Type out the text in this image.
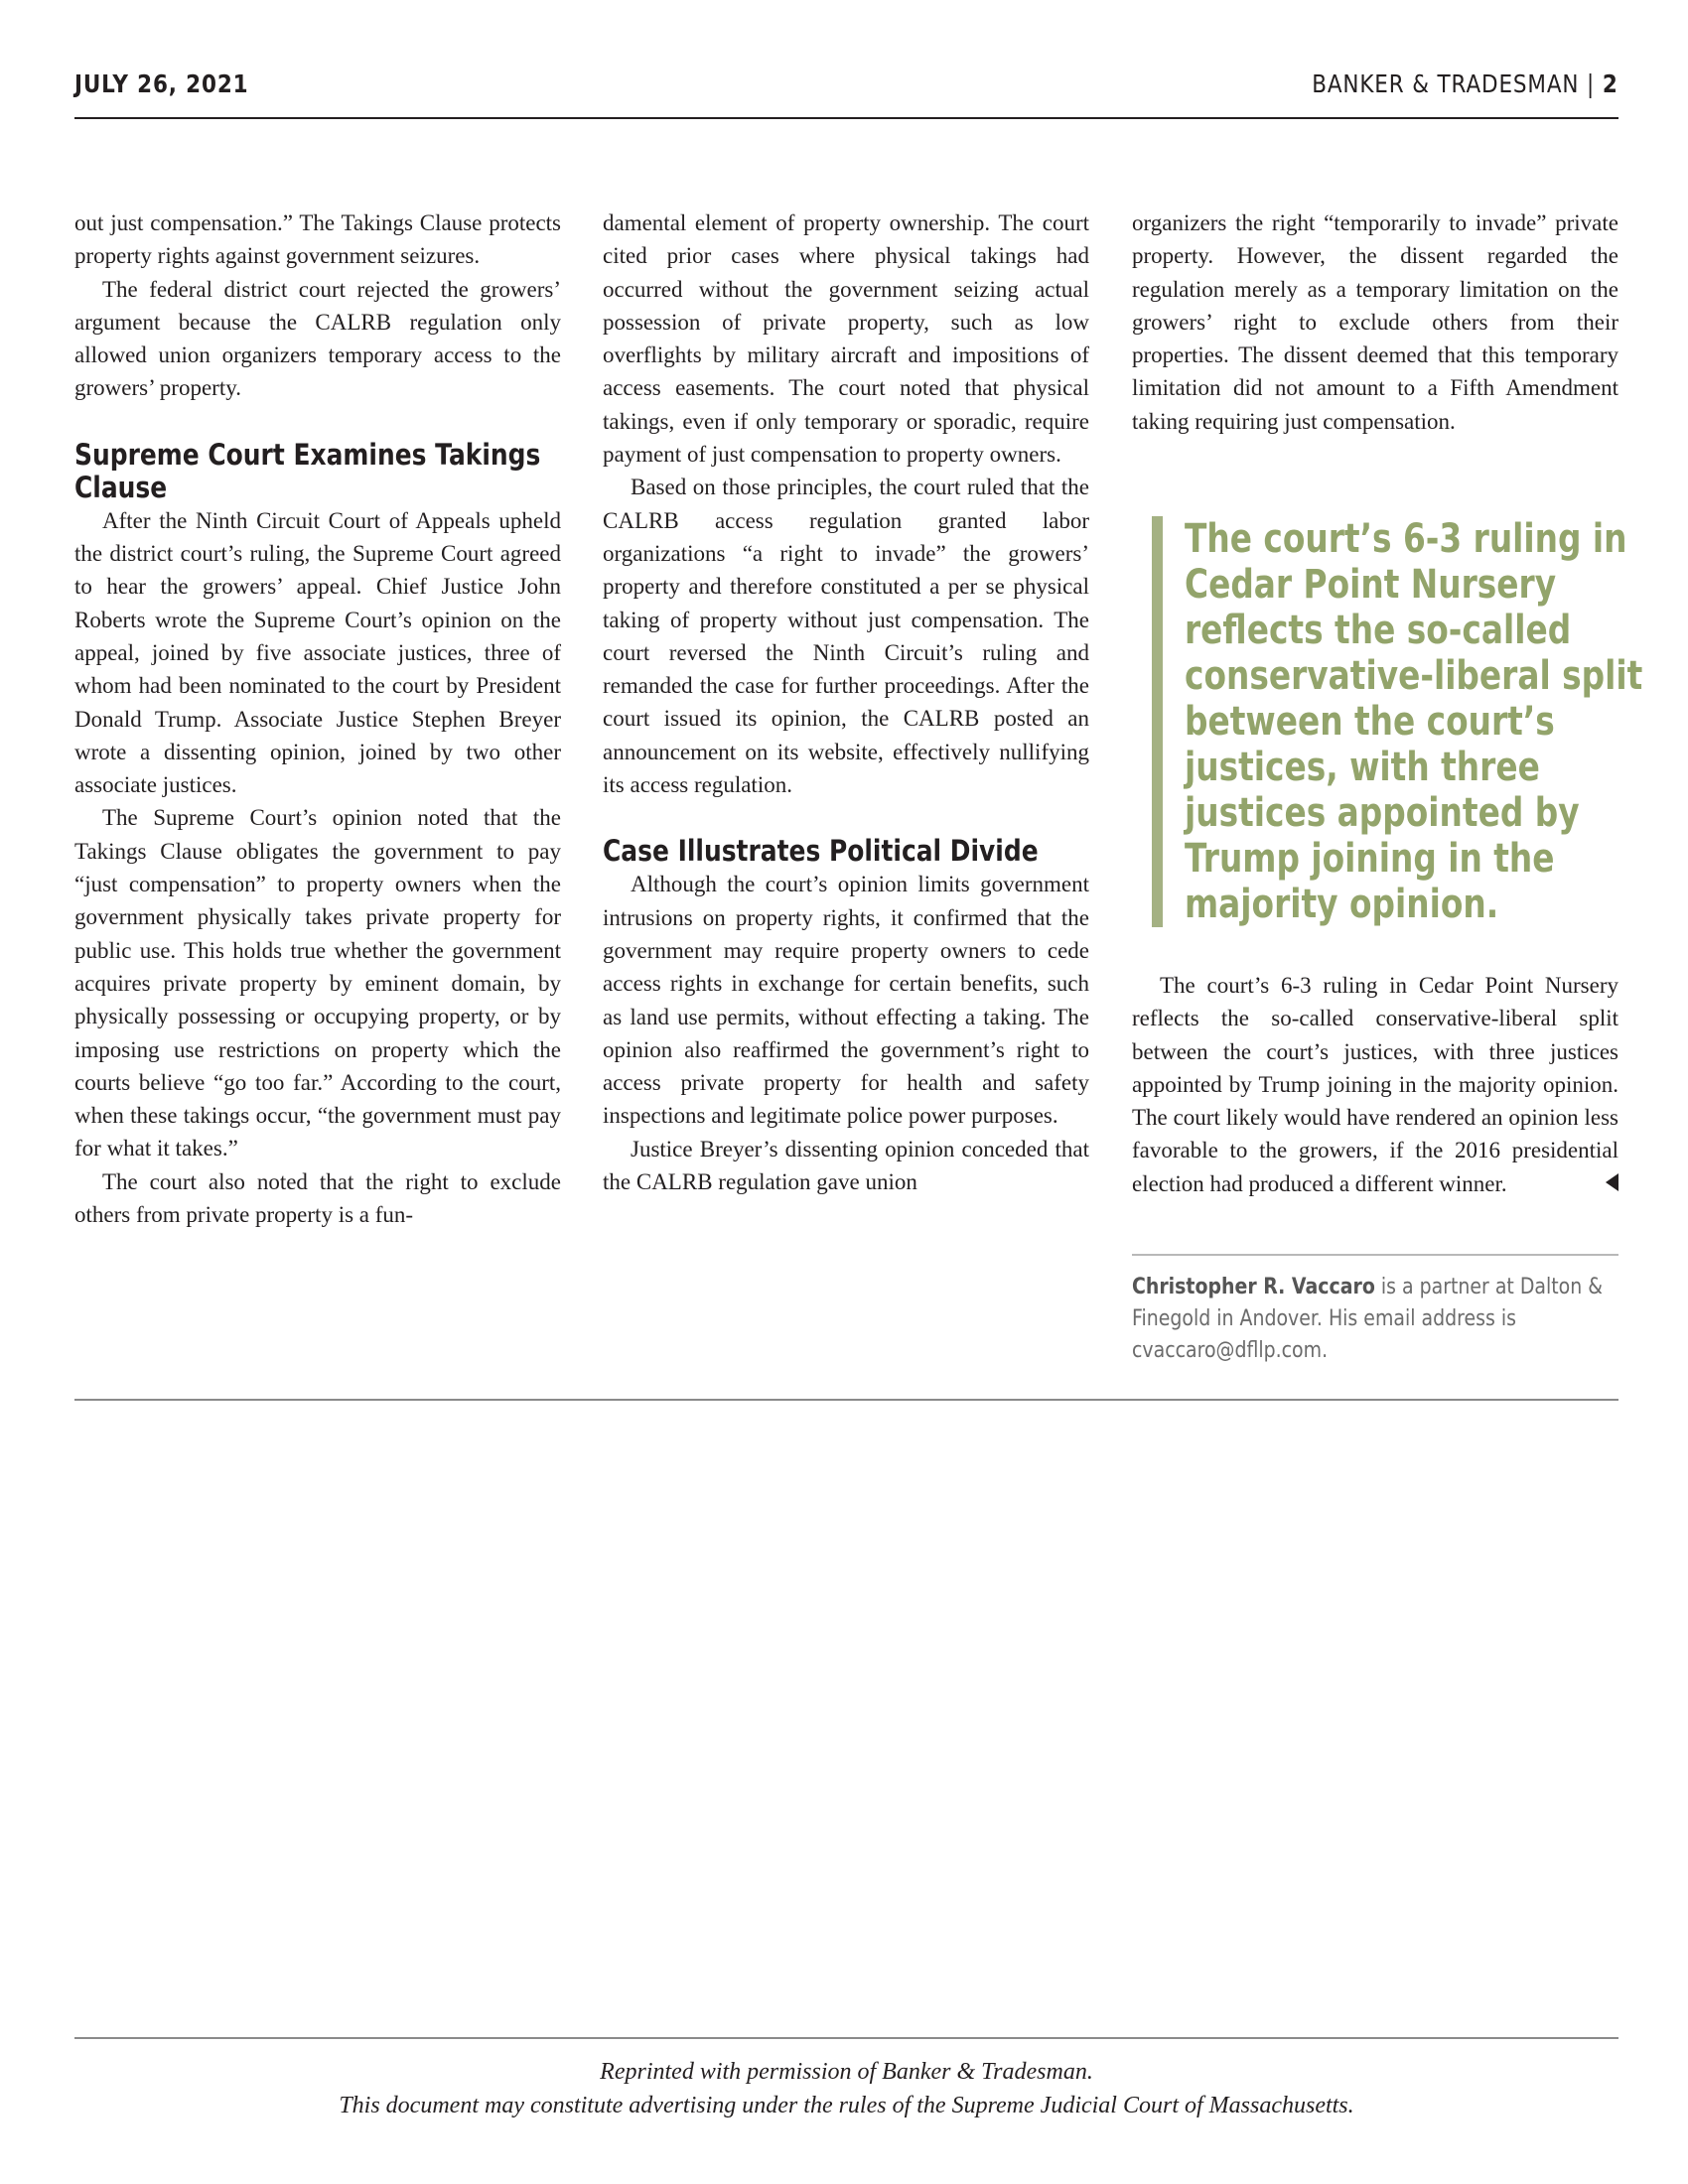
JULY 26, 2021	BANKER & TRADESMAN | 2

out just compensation.” The Takings Clause protects property rights against government seizures.

The federal district court rejected the growers’ argument because the CALRB regulation only allowed union organizers temporary access to the growers’ property.

Supreme Court Examines Takings Clause

After the Ninth Circuit Court of Appeals upheld the district court’s ruling, the Supreme Court agreed to hear the growers’ appeal. Chief Justice John Roberts wrote the Supreme Court’s opinion on the appeal, joined by five associate justices, three of whom had been nominated to the court by President Donald Trump. Associate Justice Stephen Breyer wrote a dissenting opinion, joined by two other associate justices.

The Supreme Court’s opinion noted that the Takings Clause obligates the government to pay “just compensation” to property owners when the government physically takes private property for public use. This holds true whether the government acquires private property by eminent domain, by physically possessing or occupying property, or by imposing use restrictions on property which the courts believe “go too far.” According to the court, when these takings occur, “the government must pay for what it takes.”

The court also noted that the right to exclude others from private property is a fun-

damental element of property ownership. The court cited prior cases where physical takings had occurred without the government seizing actual possession of private property, such as low overflights by military aircraft and impositions of access easements. The court noted that physical takings, even if only temporary or sporadic, require payment of just compensation to property owners.

Based on those principles, the court ruled that the CALRB access regulation granted labor organizations “a right to invade” the growers’ property and therefore constituted a per se physical taking of property without just compensation. The court reversed the Ninth Circuit’s ruling and remanded the case for further proceedings. After the court issued its opinion, the CALRB posted an announcement on its website, effectively nullifying its access regulation.

Case Illustrates Political Divide

Although the court’s opinion limits government intrusions on property rights, it confirmed that the government may require property owners to cede access rights in exchange for certain benefits, such as land use permits, without effecting a taking. The opinion also reaffirmed the government’s right to access private property for health and safety inspections and legitimate police power purposes.

Justice Breyer’s dissenting opinion conceded that the CALRB regulation gave union

organizers the right “temporarily to invade” private property. However, the dissent regarded the regulation merely as a temporary limitation on the growers’ right to exclude others from their properties. The dissent deemed that this temporary limitation did not amount to a Fifth Amendment taking requiring just compensation.

The court’s 6-3 ruling in Cedar Point Nursery reflects the so-called conservative-liberal split between the court’s justices, with three justices appointed by Trump joining in the majority opinion.

The court’s 6-3 ruling in Cedar Point Nursery reflects the so-called conservative-liberal split between the court’s justices, with three justices appointed by Trump joining in the majority opinion. The court likely would have rendered an opinion less favorable to the growers, if the 2016 presidential election had produced a different winner.

Christopher R. Vaccaro is a partner at Dalton & Finegold in Andover. His email address is cvaccaro@dfllp.com.
Reprinted with permission of Banker & Tradesman.
This document may constitute advertising under the rules of the Supreme Judicial Court of Massachusetts.
